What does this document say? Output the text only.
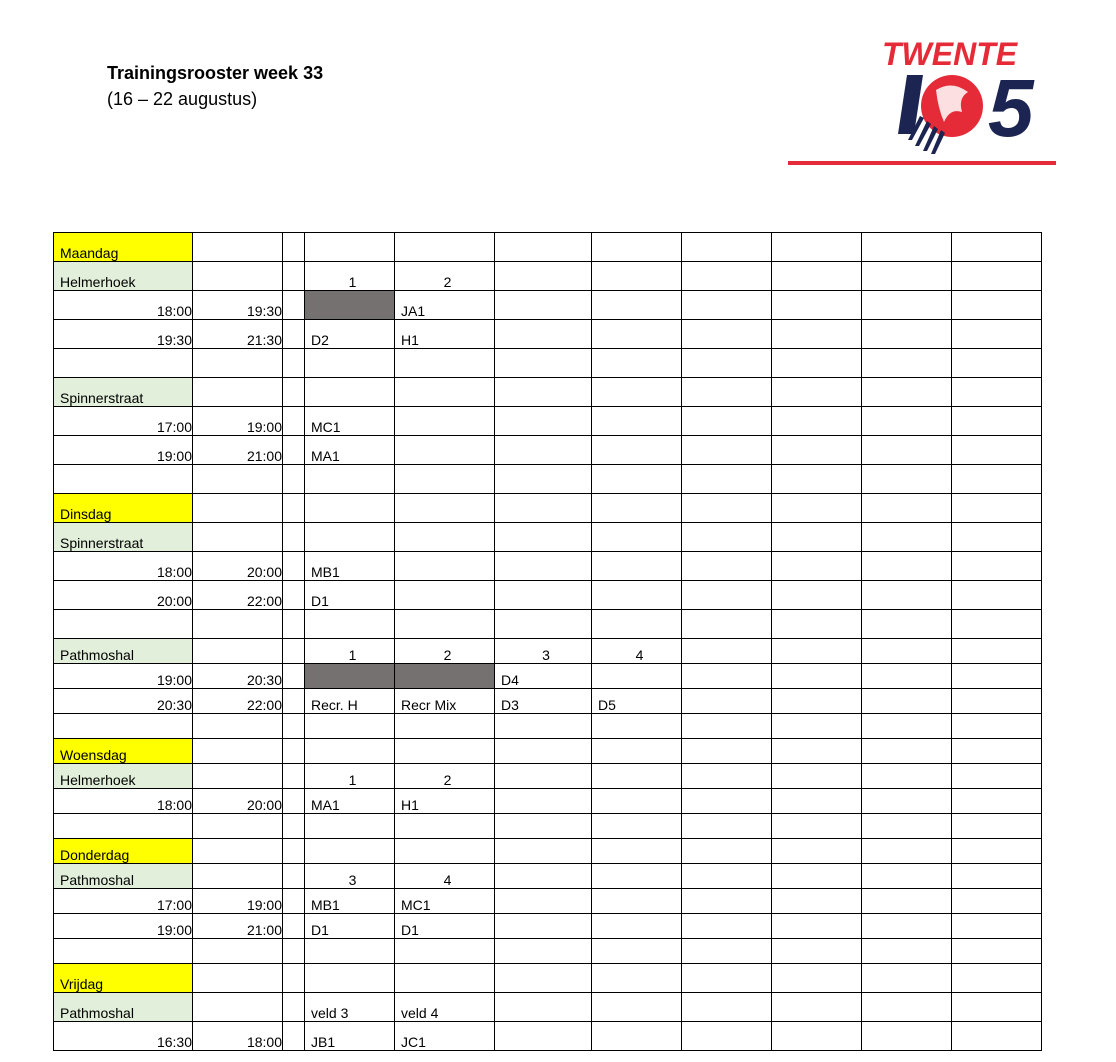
Trainingsrooster week 33
(16 – 22 augustus)
TWENTE
5
Maandag										
Helmerhoek			1	2						
18:00	19:30			JA1						
19:30	21:30		D2	H1						

Spinnerstraat										
17:00	19:00		MC1							
19:00	21:00		MA1							

Dinsdag										
Spinnerstraat										
18:00	20:00		MB1							
20:00	22:00		D1							

Pathmoshal			1	2	3	4				
19:00	20:30				D4					
20:30	22:00		Recr. H	Recr Mix	D3	D5				

Woensdag										
Helmerhoek			1	2						
18:00	20:00		MA1	H1						

Donderdag										
Pathmoshal			3	4						
17:00	19:00		MB1	MC1						
19:00	21:00		D1	D1						

Vrijdag										
Pathmoshal			veld 3	veld 4						
16:30	18:00		JB1	JC1						
